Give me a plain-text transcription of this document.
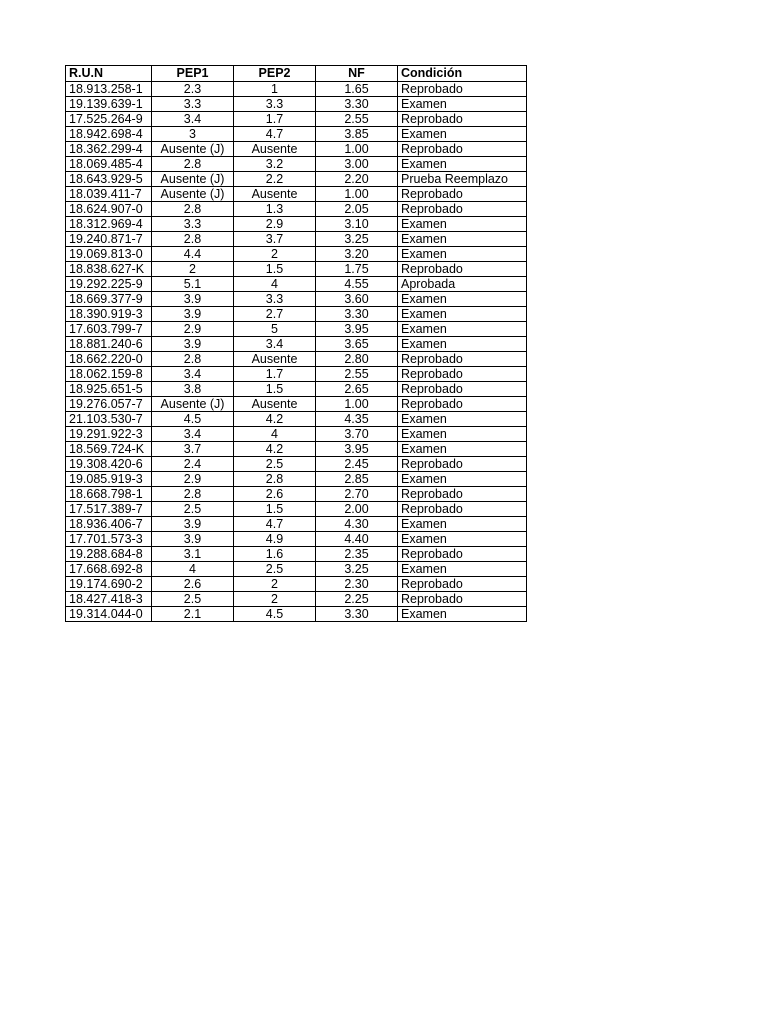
R.U.N	PEP1	PEP2	NF	Condición
18.913.258-1	2.3	1	1.65	Reprobado
19.139.639-1	3.3	3.3	3.30	Examen
17.525.264-9	3.4	1.7	2.55	Reprobado
18.942.698-4	3	4.7	3.85	Examen
18.362.299-4	Ausente (J)	Ausente	1.00	Reprobado
18.069.485-4	2.8	3.2	3.00	Examen
18.643.929-5	Ausente (J)	2.2	2.20	Prueba Reemplazo
18.039.411-7	Ausente (J)	Ausente	1.00	Reprobado
18.624.907-0	2.8	1.3	2.05	Reprobado
18.312.969-4	3.3	2.9	3.10	Examen
19.240.871-7	2.8	3.7	3.25	Examen
19.069.813-0	4.4	2	3.20	Examen
18.838.627-K	2	1.5	1.75	Reprobado
19.292.225-9	5.1	4	4.55	Aprobada
18.669.377-9	3.9	3.3	3.60	Examen
18.390.919-3	3.9	2.7	3.30	Examen
17.603.799-7	2.9	5	3.95	Examen
18.881.240-6	3.9	3.4	3.65	Examen
18.662.220-0	2.8	Ausente	2.80	Reprobado
18.062.159-8	3.4	1.7	2.55	Reprobado
18.925.651-5	3.8	1.5	2.65	Reprobado
19.276.057-7	Ausente (J)	Ausente	1.00	Reprobado
21.103.530-7	4.5	4.2	4.35	Examen
19.291.922-3	3.4	4	3.70	Examen
18.569.724-K	3.7	4.2	3.95	Examen
19.308.420-6	2.4	2.5	2.45	Reprobado
19.085.919-3	2.9	2.8	2.85	Examen
18.668.798-1	2.8	2.6	2.70	Reprobado
17.517.389-7	2.5	1.5	2.00	Reprobado
18.936.406-7	3.9	4.7	4.30	Examen
17.701.573-3	3.9	4.9	4.40	Examen
19.288.684-8	3.1	1.6	2.35	Reprobado
17.668.692-8	4	2.5	3.25	Examen
19.174.690-2	2.6	2	2.30	Reprobado
18.427.418-3	2.5	2	2.25	Reprobado
19.314.044-0	2.1	4.5	3.30	Examen
